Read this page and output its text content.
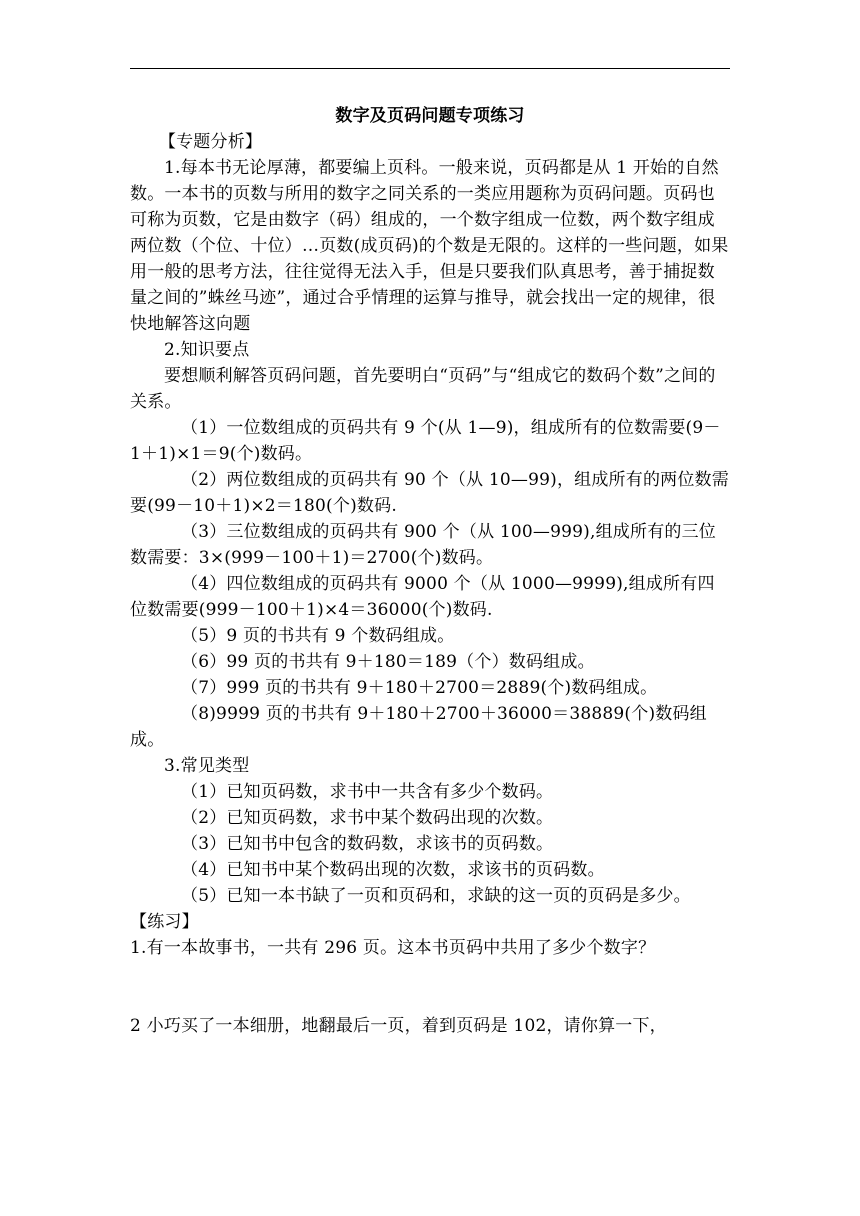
数字及页码问题专项练习

【专题分析】

1.每本书无论厚薄，都要编上页科。一般来说，页码都是从 1 开始的自然数。一本书的页数与所用的数字之同关系的一类应用题称为页码问题。页码也可称为页数，它是由数字（码）组成的，一个数字组成一位数，两个数字组成两位数（个位、十位）…页数(成页码)的个数是无限的。这样的一些问题，如果用一般的思考方法，往往觉得无法入手，但是只要我们队真思考，善于捕捉数量之间的”蛛丝马迹”，通过合乎情理的运算与推导，就会找出一定的规律，很快地解答这向题

2.知识要点

要想顺利解答页码问题，首先要明白“页码”与“组成它的数码个数”之间的关系。

（1）一位数组成的页码共有 9 个(从 1—9)，组成所有的位数需要(9－1＋1)×1＝9(个)数码。

（2）两位数组成的页码共有 90 个（从 10—99)，组成所有的两位数需要(99－10＋1)×2＝180(个)数码.

（3）三位数组成的页码共有 900 个（从 100—999),组成所有的三位数需要：3×(999－100＋1)＝2700(个)数码。

（4）四位数组成的页码共有 9000 个（从 1000—9999),组成所有四位数需要(999－100＋1)×4＝36000(个)数码.

（5）9 页的书共有 9 个数码组成。

（6）99 页的书共有 9＋180＝189（个）数码组成。

（7）999 页的书共有 9＋180＋2700＝2889(个)数码组成。

（8)9999 页的书共有 9＋180＋2700＋36000＝38889(个)数码组成。

3.常见类型

（1）已知页码数，求书中一共含有多少个数码。

（2）已知页码数，求书中某个数码出现的次数。

（3）已知书中包含的数码数，求该书的页码数。

（4）已知书中某个数码出现的次数，求该书的页码数。

（5）已知一本书缺了一页和页码和，求缺的这一页的页码是多少。

【练习】

1.有一本故事书，一共有 296 页。这本书页码中共用了多少个数字？

2 小巧买了一本细册，地翻最后一页，着到页码是 102，请你算一下，
